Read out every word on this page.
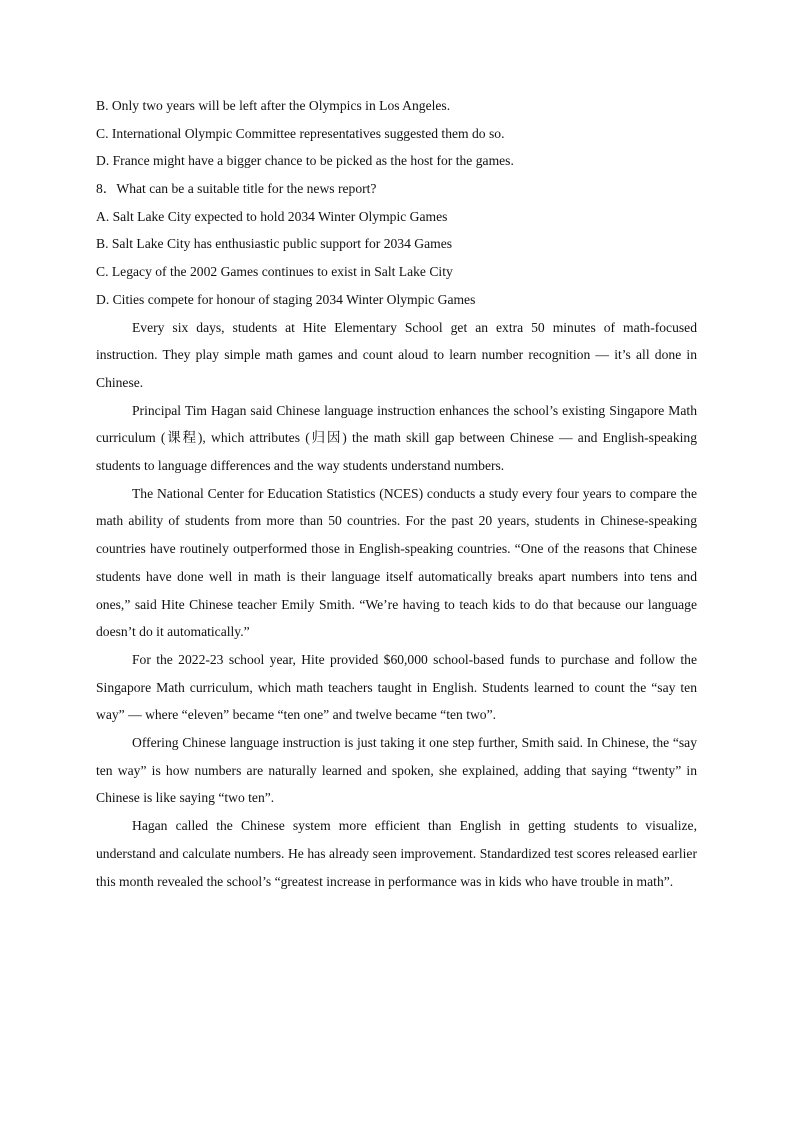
B. Only two years will be left after the Olympics in Los Angeles.
C. International Olympic Committee representatives suggested them do so.
D. France might have a bigger chance to be picked as the host for the games.
8．What can be a suitable title for the news report?
A. Salt Lake City expected to hold 2034 Winter Olympic Games
B. Salt Lake City has enthusiastic public support for 2034 Games
C. Legacy of the 2002 Games continues to exist in Salt Lake City
D. Cities compete for honour of staging 2034 Winter Olympic Games

Every six days, students at Hite Elementary School get an extra 50 minutes of math-focused instruction. They play simple math games and count aloud to learn number recognition — it’s all done in Chinese.

Principal Tim Hagan said Chinese language instruction enhances the school’s existing Singapore Math curriculum (课程), which attributes (归因) the math skill gap between Chinese — and English-speaking students to language differences and the way students understand numbers.

The National Center for Education Statistics (NCES) conducts a study every four years to compare the math ability of students from more than 50 countries. For the past 20 years, students in Chinese-speaking countries have routinely outperformed those in English-speaking countries. “One of the reasons that Chinese students have done well in math is their language itself automatically breaks apart numbers into tens and ones,” said Hite Chinese teacher Emily Smith. “We’re having to teach kids to do that because our language doesn’t do it automatically.”

For the 2022-23 school year, Hite provided $60,000 school-based funds to purchase and follow the Singapore Math curriculum, which math teachers taught in English. Students learned to count the “say ten way” — where “eleven” became “ten one” and twelve became “ten two”.

Offering Chinese language instruction is just taking it one step further, Smith said. In Chinese, the “say ten way” is how numbers are naturally learned and spoken, she explained, adding that saying “twenty” in Chinese is like saying “two ten”.

Hagan called the Chinese system more efficient than English in getting students to visualize, understand and calculate numbers. He has already seen improvement. Standardized test scores released earlier this month revealed the school’s “greatest increase in performance was in kids who have trouble in math”.
